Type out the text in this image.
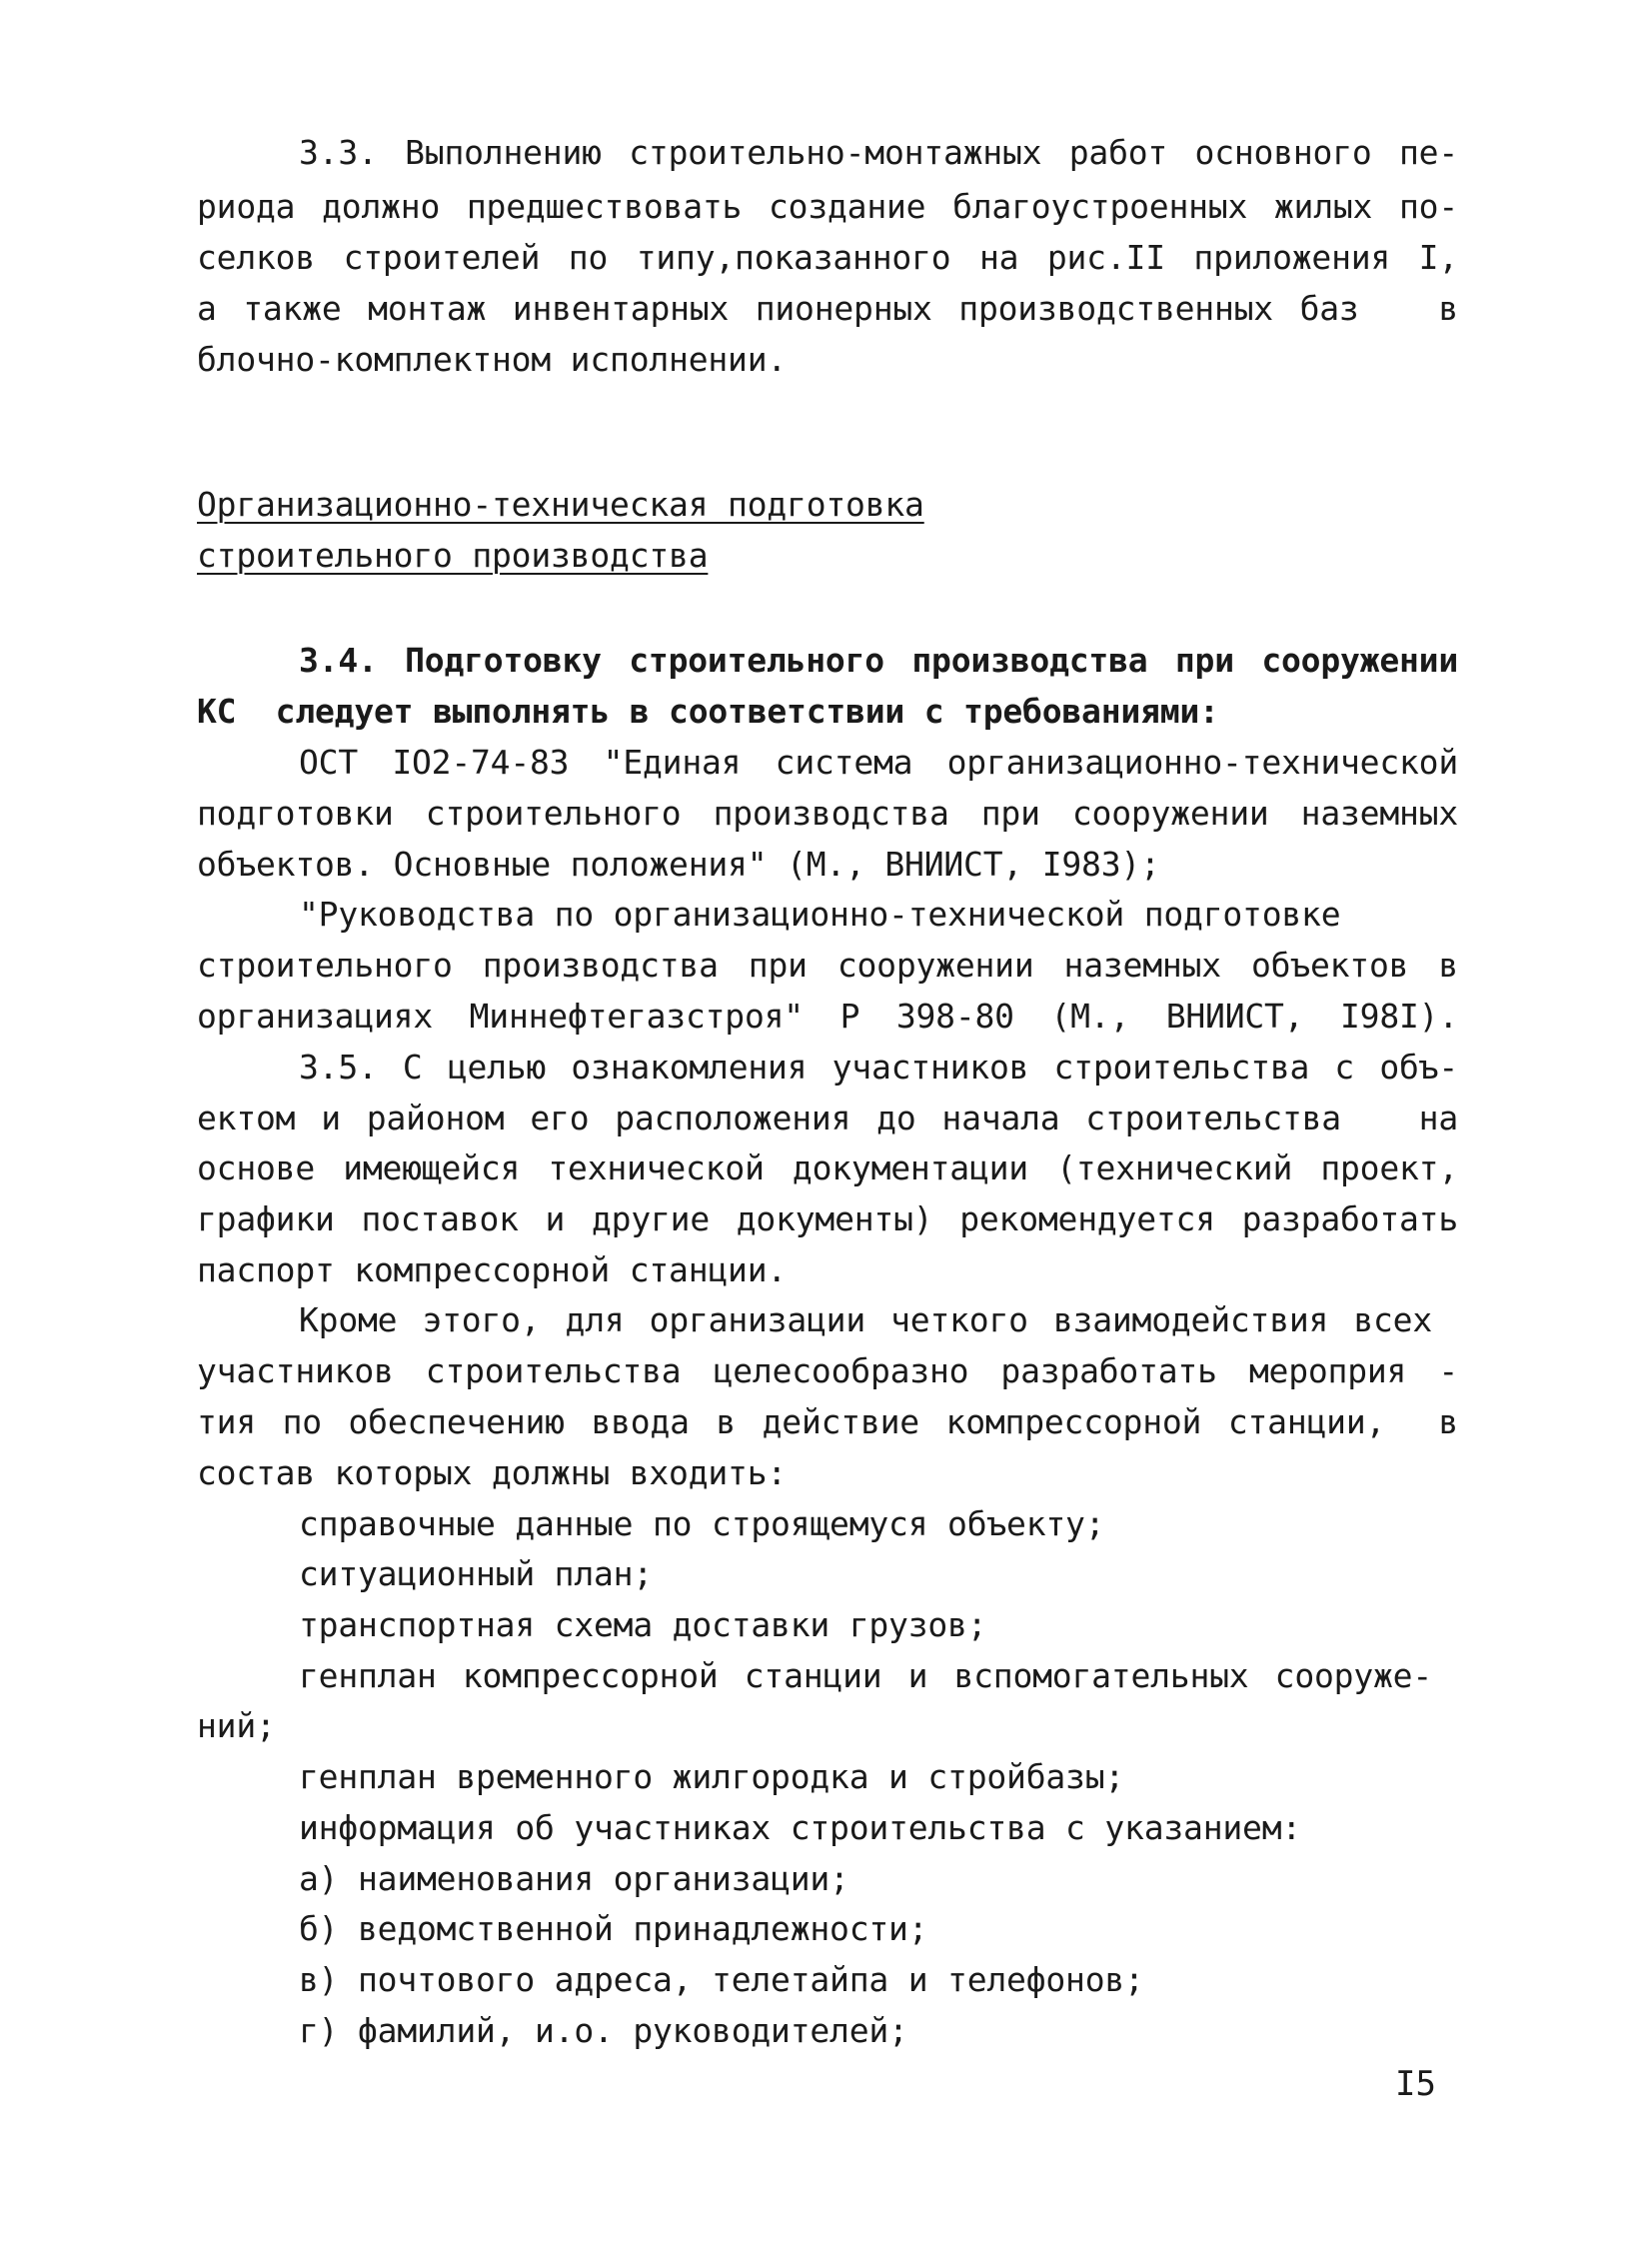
3.3. Выполнению строительно-монтажных работ основного пе-
риода должно предшествовать создание благоустроенных жилых по-
селков строителей по типу,показанного на рис.II приложения I,
а также монтаж инвентарных пионерных производственных баз   в
блочно-комплектном исполнении.
Организационно-техническая подготовка
строительного производства
3.4. Подготовку строительного производства при сооружении
КС  следует выполнять в соответствии с требованиями:
ОСТ IО2-74-83 "Единая система организационно-технической
подготовки строительного производства при сооружении наземных
объектов. Основные положения" (М., ВНИИСТ, I983);
"Руководства по организационно-технической подготовке
строительного производства при сооружении наземных объектов в
организациях Миннефтегазстроя" Р 398-80 (М., ВНИИСТ, I98I).
3.5. С целью ознакомления участников строительства с объ-
ектом и районом его расположения до начала строительства   на
основе имеющейся технической документации (технический проект,
графики поставок и другие документы) рекомендуется разработать
паспорт компрессорной станции.
Кроме этого, для организации четкого взаимодействия всех
участников строительства целесообразно разработать мероприя -
тия по обеспечению ввода в действие компрессорной станции,  в
состав которых должны входить:
справочные данные по строящемуся объекту;
ситуационный план;
транспортная схема доставки грузов;
генплан компрессорной станции и вспомогательных сооруже-
ний;
генплан временного жилгородка и стройбазы;
информация об участниках строительства с указанием:
а) наименования организации;
б) ведомственной принадлежности;
в) почтового адреса, телетайпа и телефонов;
г) фамилий, и.о. руководителей;
I5
